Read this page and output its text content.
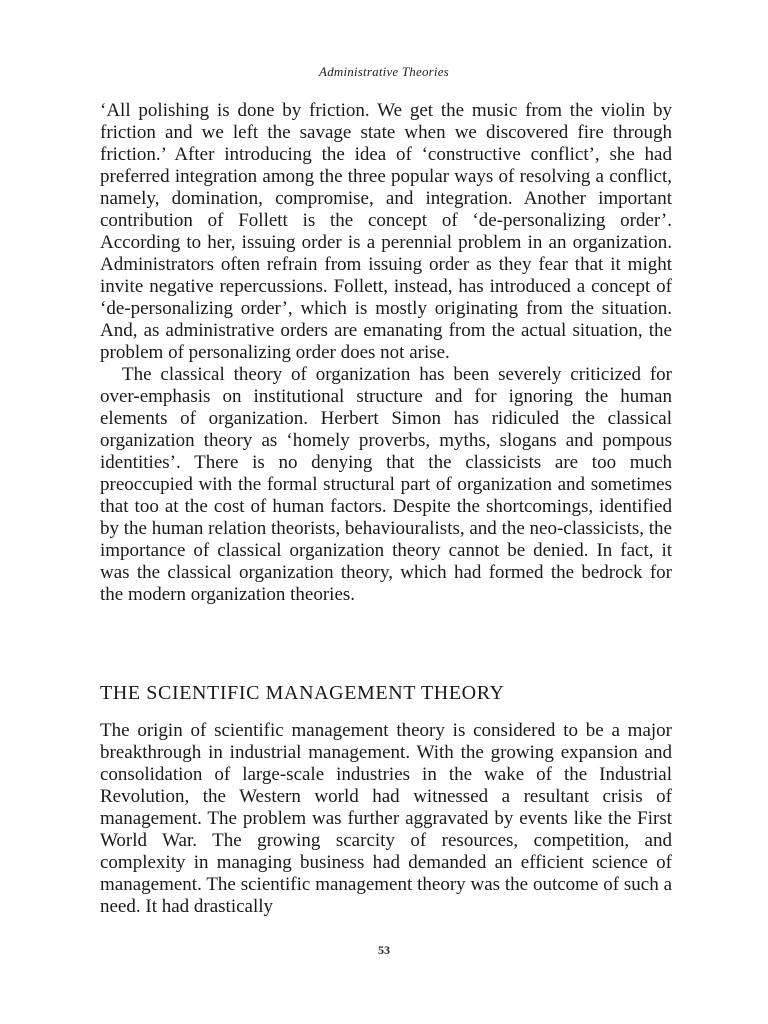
Administrative Theories

‘All polishing is done by friction. We get the music from the violin by friction and we left the savage state when we discovered fire through friction.’ After introducing the idea of ‘constructive conflict’, she had preferred integration among the three popular ways of resolving a conflict, namely, domination, compromise, and integration. Another important contribution of Follett is the concept of ‘de-personalizing order’. According to her, issuing order is a perennial problem in an organization. Administrators often refrain from issuing order as they fear that it might invite negative repercussions. Follett, instead, has introduced a concept of ‘de-personalizing order’, which is mostly originating from the situation. And, as administrative orders are emanating from the actual situation, the problem of personalizing order does not arise.

The classical theory of organization has been severely criticized for over-emphasis on institutional structure and for ignoring the human elements of organization. Herbert Simon has ridiculed the classical organization theory as ‘homely proverbs, myths, slogans and pompous identities’. There is no denying that the classicists are too much preoccupied with the formal structural part of organization and sometimes that too at the cost of human factors. Despite the shortcomings, identified by the human relation theorists, behaviouralists, and the neo-classicists, the importance of classical organization theory cannot be denied. In fact, it was the classical organization theory, which had formed the bedrock for the modern organization theories.

THE SCIENTIFIC MANAGEMENT THEORY

The origin of scientific management theory is considered to be a major breakthrough in industrial management. With the growing expansion and consolidation of large-scale industries in the wake of the Industrial Revolution, the Western world had witnessed a resultant crisis of management. The problem was further aggravated by events like the First World War. The growing scarcity of resources, competition, and complexity in managing business had demanded an efficient science of management. The scientific management theory was the outcome of such a need. It had drastically

53
